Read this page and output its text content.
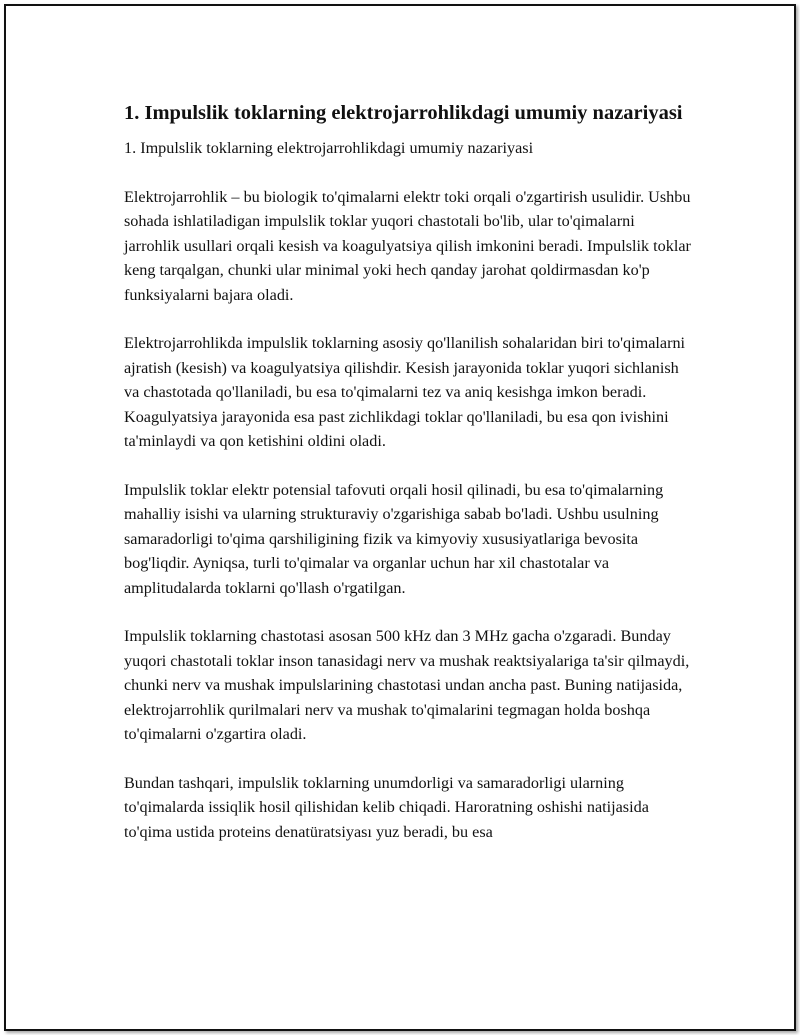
1. Impulslik toklarning elektrojarrohlikdagi umumiy nazariyasi

1. Impulslik toklarning elektrojarrohlikdagi umumiy nazariyasi

Elektrojarrohlik – bu biologik to'qimalarni elektr toki orqali o'zgartirish usulidir. Ushbu sohada ishlatiladigan impulslik toklar yuqori chastotali bo'lib, ular to'qimalarni jarrohlik usullari orqali kesish va koagulyatsiya qilish imkonini beradi. Impulslik toklar keng tarqalgan, chunki ular minimal yoki hech qanday jarohat qoldirmasdan ko'p funksiyalarni bajara oladi.

Elektrojarrohlikda impulslik toklarning asosiy qo'llanilish sohalaridan biri to'qimalarni ajratish (kesish) va koagulyatsiya qilishdir. Kesish jarayonida toklar yuqori sichlanish va chastotada qo'llaniladi, bu esa to'qimalarni tez va aniq kesishga imkon beradi. Koagulyatsiya jarayonida esa past zichlikdagi toklar qo'llaniladi, bu esa qon ivishini ta'minlaydi va qon ketishini oldini oladi.

Impulslik toklar elektr potensial tafovuti orqali hosil qilinadi, bu esa to'qimalarning mahalliy isishi va ularning strukturaviy o'zgarishiga sabab bo'ladi. Ushbu usulning samaradorligi to'qima qarshiligining fizik va kimyoviy xususiyatlariga bevosita bog'liqdir. Ayniqsa, turli to'qimalar va organlar uchun har xil chastotalar va amplitudalarda toklarni qo'llash o'rgatilgan.

Impulslik toklarning chastotasi asosan 500 kHz dan 3 MHz gacha o'zgaradi. Bunday yuqori chastotali toklar inson tanasidagi nerv va mushak reaktsiyalariga ta'sir qilmaydi, chunki nerv va mushak impulslarining chastotasi undan ancha past. Buning natijasida, elektrojarrohlik qurilmalari nerv va mushak to'qimalarini tegmagan holda boshqa to'qimalarni o'zgartira oladi.

Bundan tashqari, impulslik toklarning unumdorligi va samaradorligi ularning to'qimalarda issiqlik hosil qilishidan kelib chiqadi. Haroratning oshishi natijasida to'qima ustida proteins denatüratsiyası yuz beradi, bu esa
